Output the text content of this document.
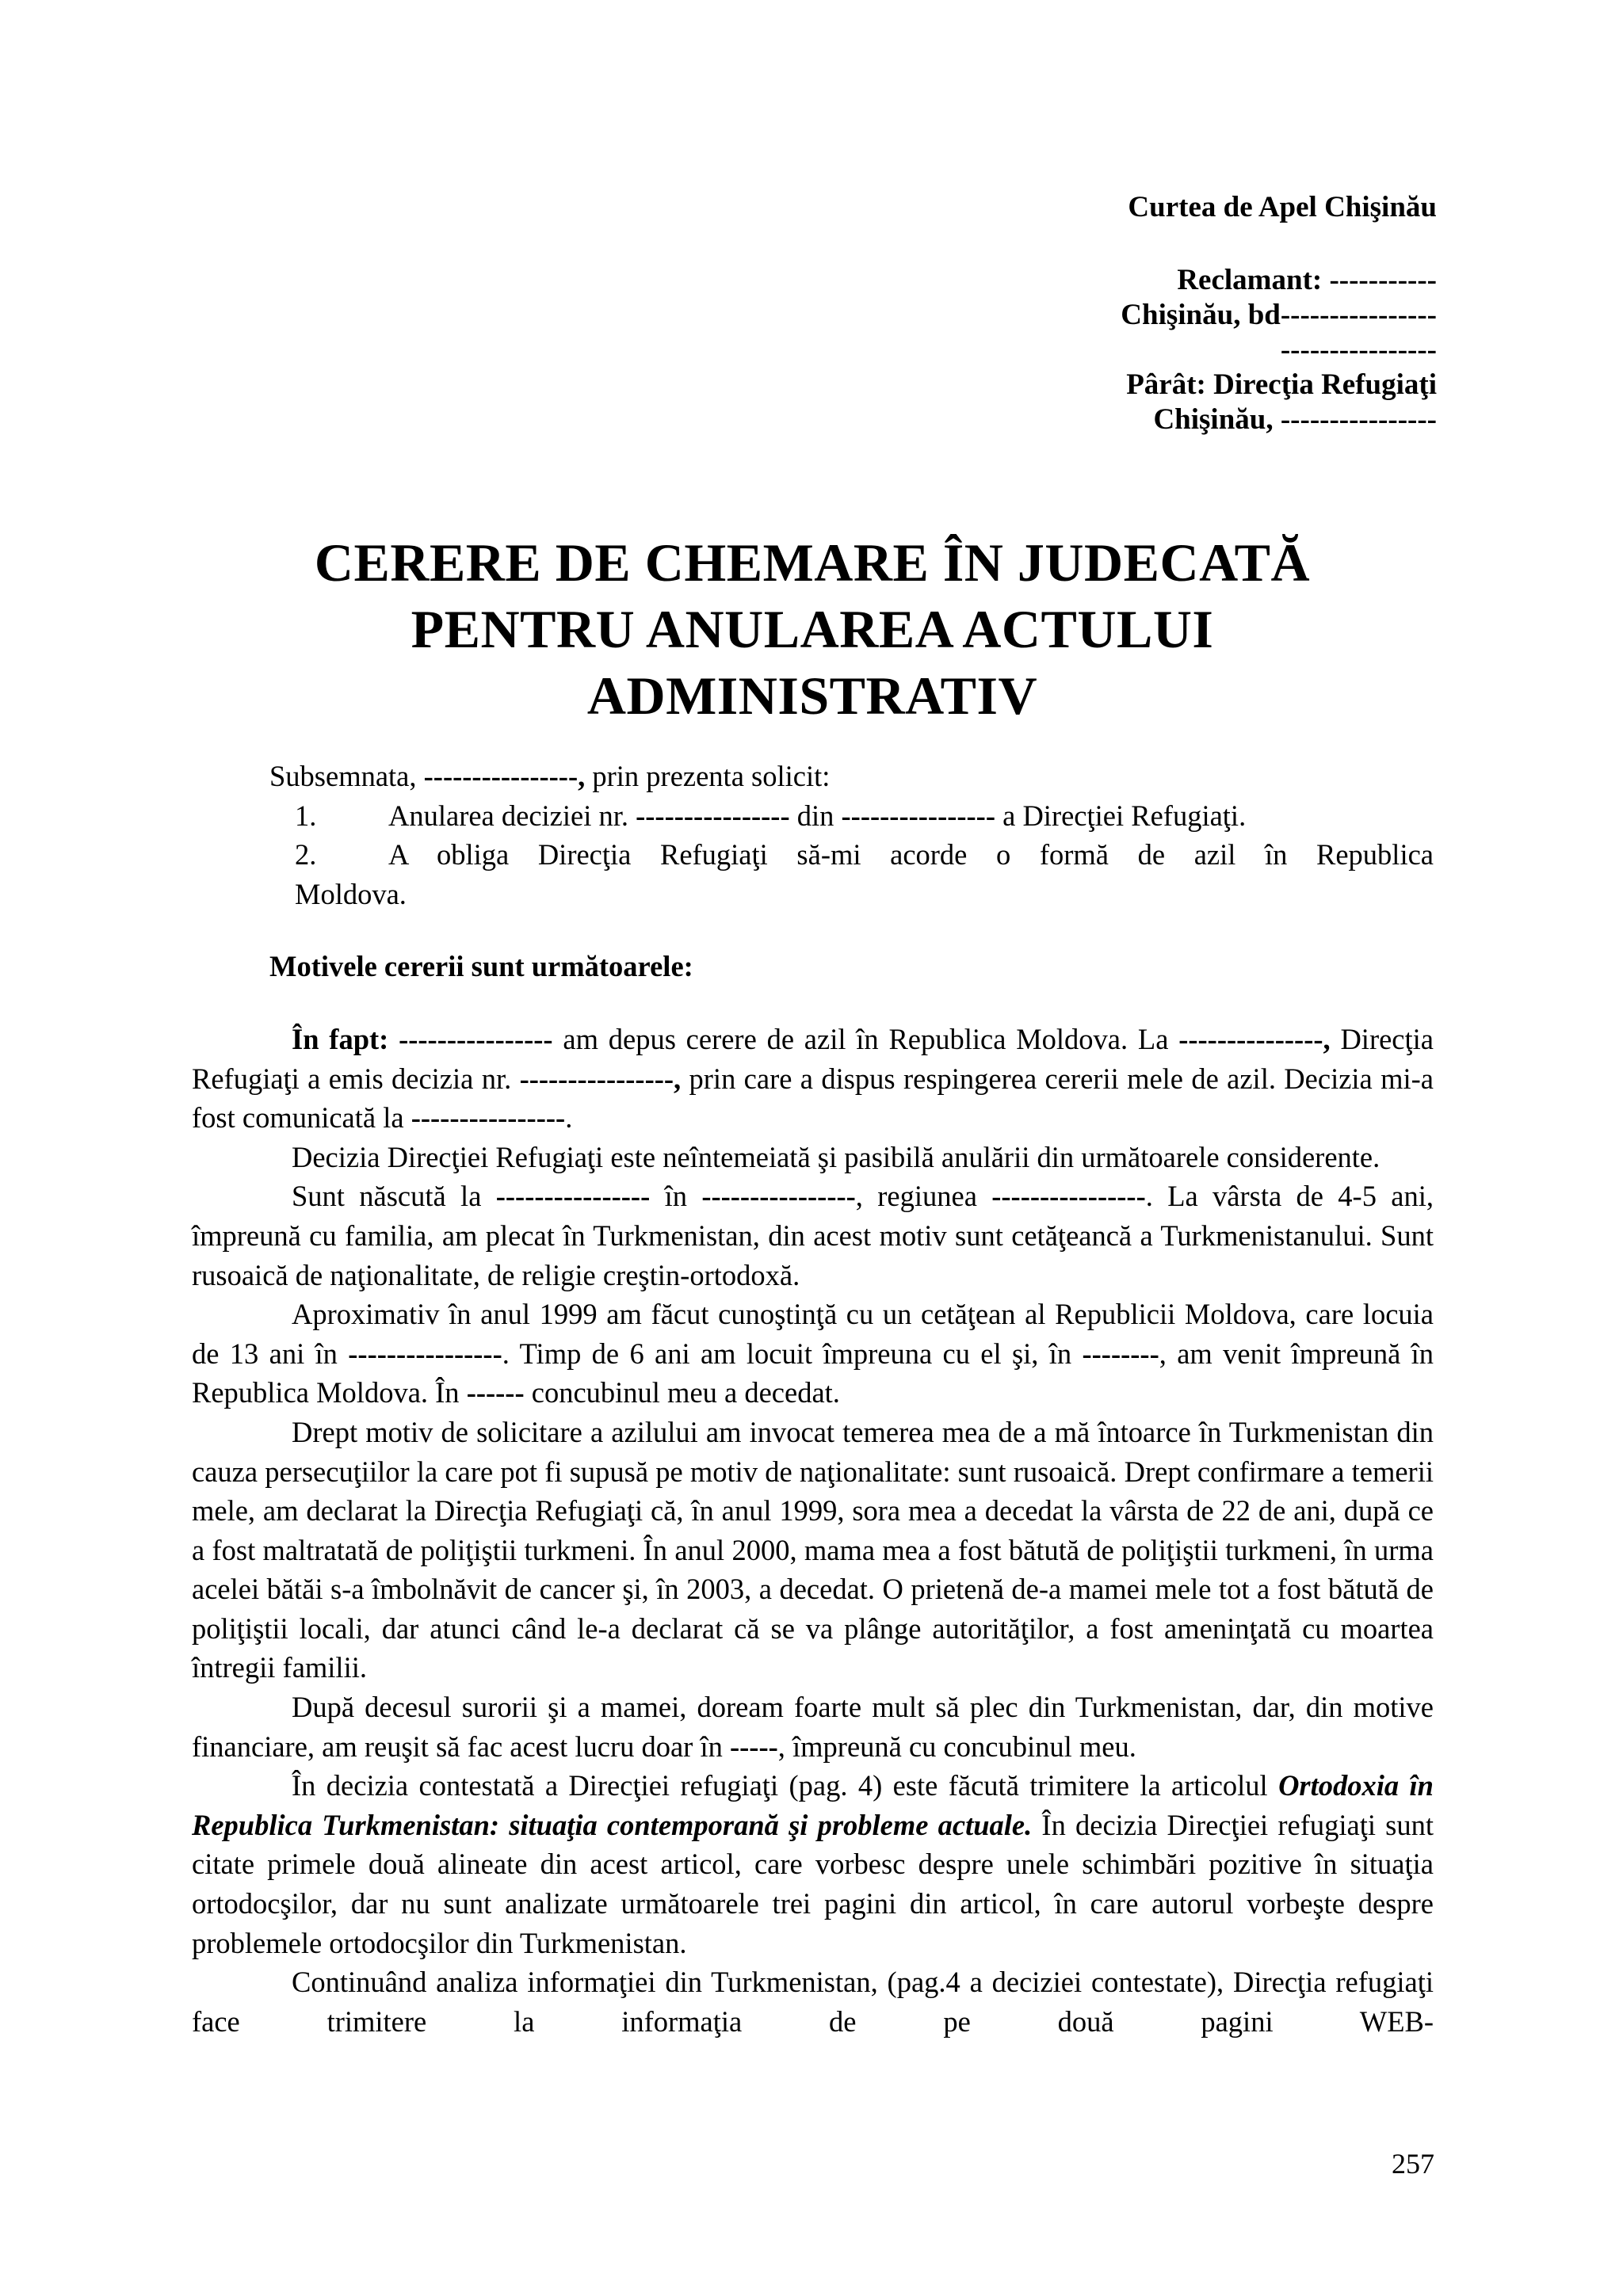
Curtea de Apel Chişinău
Reclamant: -----------
Chişinău, bd----------------
----------------
Pârât: Direcţia Refugiaţi
Chişinău, ----------------
CERERE DE CHEMARE ÎN JUDECATĂ
PENTRU ANULAREA ACTULUI
ADMINISTRATIV
Subsemnata, ----------------, prin prezenta solicit:
1.	Anularea deciziei nr. ---------------- din ---------------- a Direcţiei Refugiaţi.
2.	A obliga Direcţia Refugiaţi să-mi acorde o formă de azil în Republica
Moldova.
Motivele cererii sunt următoarele:

În fapt: ---------------- am depus cerere de azil în Republica Moldova. La ---------------, Direcţia Refugiaţi a emis decizia nr. ----------------, prin care a dispus respingerea cererii mele de azil. Decizia mi-a fost comunicată la ----------------.

Decizia Direcţiei Refugiaţi este neîntemeiată şi pasibilă anulării din următoarele considerente.

Sunt născută la ---------------- în ----------------, regiunea ----------------. La vârsta de 4-5 ani, împreună cu familia, am plecat în Turkmenistan, din acest motiv sunt cetăţeancă a Turkmenistanului. Sunt rusoaică de naţionalitate, de religie creştin-ortodoxă.

Aproximativ în anul 1999 am făcut cunoştinţă cu un cetăţean al Republicii Moldova, care locuia de 13 ani în ----------------. Timp de 6 ani am locuit împreuna cu el şi, în --------, am venit împreună în Republica Moldova. În ------ concubinul meu a decedat.

Drept motiv de solicitare a azilului am invocat temerea mea de a mă întoarce în Turkmenistan din cauza persecuţiilor la care pot fi supusă pe motiv de naţionalitate: sunt rusoaică. Drept confirmare a temerii mele, am declarat la Direcţia Refugiaţi că, în anul 1999, sora mea a decedat la vârsta de 22 de ani, după ce a fost maltratată de poliţiştii turkmeni. În anul 2000, mama mea a fost bătută de poliţiştii turkmeni, în urma acelei bătăi s-a îmbolnăvit de cancer şi, în 2003, a decedat. O prietenă de-a mamei mele tot a fost bătută de poliţiştii locali, dar atunci când le-a declarat că se va plânge autorităţilor, a fost ameninţată cu moartea întregii familii.

După decesul surorii şi a mamei, doream foarte mult să plec din Turkmenistan, dar, din motive financiare, am reuşit să fac acest lucru doar în -----, împreună cu concubinul meu.

În decizia contestată a Direcţiei refugiaţi (pag. 4) este făcută trimitere la articolul Ortodoxia în Republica Turkmenistan: situaţia contemporană şi probleme actuale. În decizia Direcţiei refugiaţi sunt citate primele două alineate din acest articol, care vorbesc despre unele schimbări pozitive în situaţia ortodocşilor, dar nu sunt analizate următoarele trei pagini din articol, în care autorul vorbeşte despre problemele ortodocşilor din Turkmenistan.

Continuând analiza informaţiei din Turkmenistan, (pag.4 a deciziei contestate), Direcţia refugiaţi face trimitere la informaţia de pe două pagini WEB-

257
